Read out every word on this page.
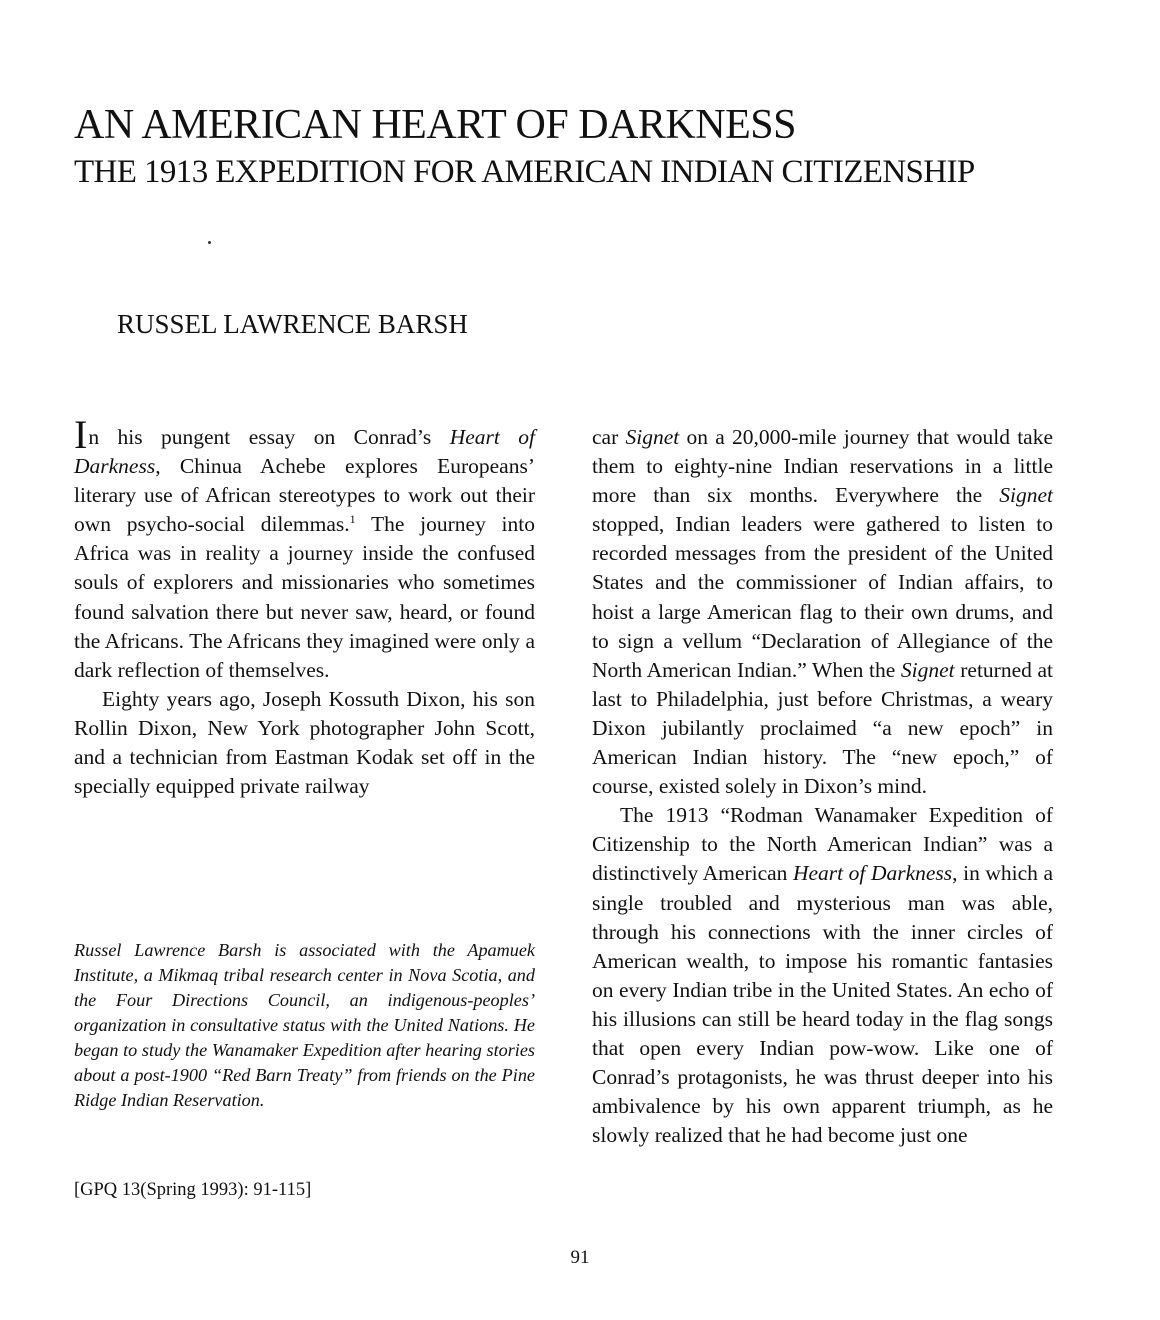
AN AMERICAN HEART OF DARKNESS
THE 1913 EXPEDITION FOR AMERICAN INDIAN CITIZENSHIP
RUSSEL LAWRENCE BARSH

In his pungent essay on Conrad’s Heart of Darkness, Chinua Achebe explores Europeans’ literary use of African stereotypes to work out their own psycho-social dilemmas.$^1$ The journey into Africa was in reality a journey inside the confused souls of explorers and missionaries who sometimes found salvation there but never saw, heard, or found the Africans. The Africans they imagined were only a dark reflection of themselves.

Eighty years ago, Joseph Kossuth Dixon, his son Rollin Dixon, New York photographer John Scott, and a technician from Eastman Kodak set off in the specially equipped private railway

Russel Lawrence Barsh is associated with the Apamuek Institute, a Mikmaq tribal research center in Nova Scotia, and the Four Directions Council, an indigenous-peoples’ organization in consultative status with the United Nations. He began to study the Wanamaker Expedition after hearing stories about a post-1900 “Red Barn Treaty” from friends on the Pine Ridge Indian Reservation.

[GPQ 13(Spring 1993): 91-115]

car Signet on a 20,000-mile journey that would take them to eighty-nine Indian reservations in a little more than six months. Everywhere the Signet stopped, Indian leaders were gathered to listen to recorded messages from the president of the United States and the commissioner of Indian affairs, to hoist a large American flag to their own drums, and to sign a vellum “Declaration of Allegiance of the North American Indian.” When the Signet returned at last to Philadelphia, just before Christmas, a weary Dixon jubilantly proclaimed “a new epoch” in American Indian history. The “new epoch,” of course, existed solely in Dixon’s mind.

The 1913 “Rodman Wanamaker Expedition of Citizenship to the North American Indian” was a distinctively American Heart of Darkness, in which a single troubled and mysterious man was able, through his connections with the inner circles of American wealth, to impose his romantic fantasies on every Indian tribe in the United States. An echo of his illusions can still be heard today in the flag songs that open every Indian pow-wow. Like one of Conrad’s protagonists, he was thrust deeper into his ambivalence by his own apparent triumph, as he slowly realized that he had become just one

91
